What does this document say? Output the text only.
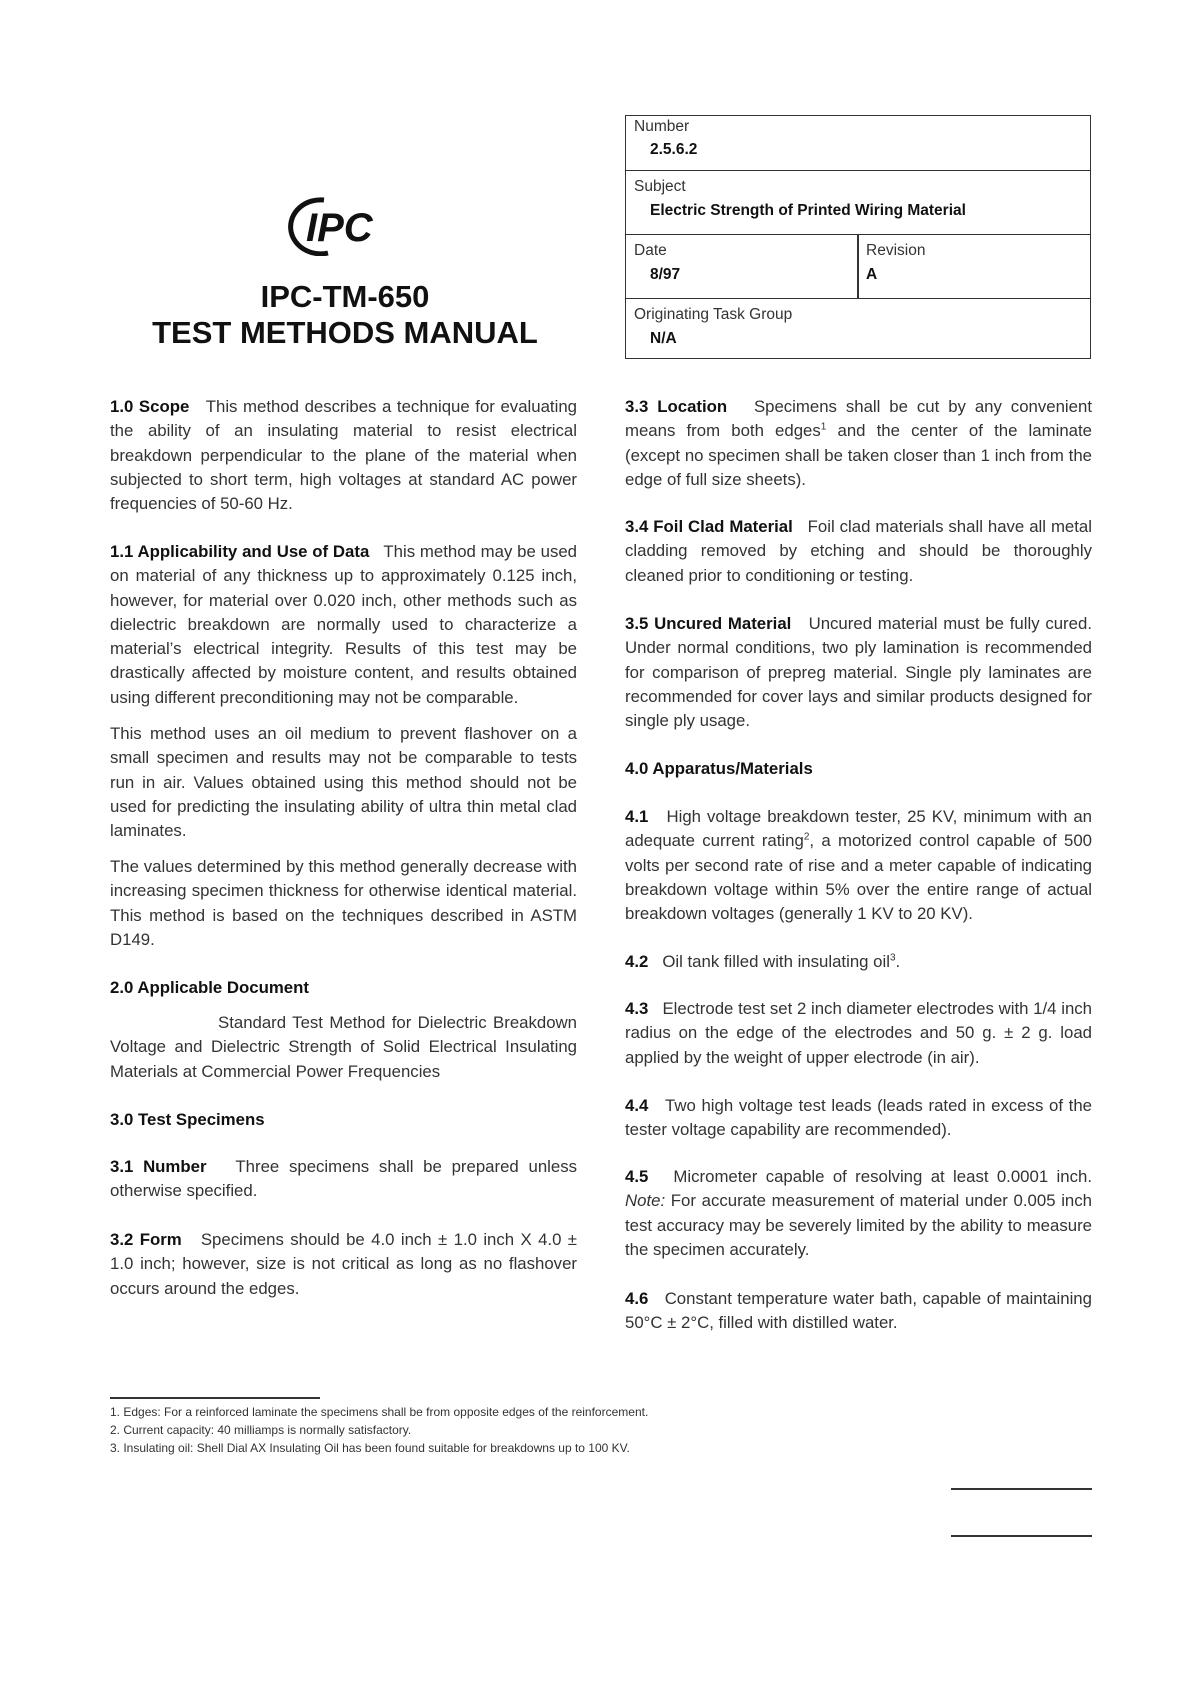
IPC
IPC-TM-650
TEST METHODS MANUAL
Number
2.5.6.2
Subject
Electric Strength of Printed Wiring Material
Date
8/97
Revision
A
Originating Task Group
N/A

1.0 Scope This method describes a technique for evaluating the ability of an insulating material to resist electrical breakdown perpendicular to the plane of the material when subjected to short term, high voltages at standard AC power frequencies of 50-60 Hz.

1.1 Applicability and Use of Data This method may be used on material of any thickness up to approximately 0.125 inch, however, for material over 0.020 inch, other methods such as dielectric breakdown are normally used to characterize a material’s electrical integrity. Results of this test may be drastically affected by moisture content, and results obtained using different preconditioning may not be comparable.

This method uses an oil medium to prevent flashover on a small specimen and results may not be comparable to tests run in air. Values obtained using this method should not be used for predicting the insulating ability of ultra thin metal clad laminates.

The values determined by this method generally decrease with increasing specimen thickness for otherwise identical material. This method is based on the techniques described in ASTM D149.

2.0 Applicable Document

Standard Test Method for Dielectric Breakdown Voltage and Dielectric Strength of Solid Electrical Insulating Materials at Commercial Power Frequencies

3.0 Test Specimens

3.1 Number Three specimens shall be prepared unless otherwise specified.

3.2 Form Specimens should be 4.0 inch ± 1.0 inch X 4.0 ± 1.0 inch; however, size is not critical as long as no flashover occurs around the edges.

3.3 Location Specimens shall be cut by any convenient means from both edges$^1$ and the center of the laminate (except no specimen shall be taken closer than 1 inch from the edge of full size sheets).

3.4 Foil Clad Material Foil clad materials shall have all metal cladding removed by etching and should be thoroughly cleaned prior to conditioning or testing.

3.5 Uncured Material Uncured material must be fully cured. Under normal conditions, two ply lamination is recommended for comparison of prepreg material. Single ply laminates are recommended for cover lays and similar products designed for single ply usage.

4.0 Apparatus/Materials

4.1 High voltage breakdown tester, 25 KV, minimum with an adequate current rating$^2$, a motorized control capable of 500 volts per second rate of rise and a meter capable of indicating breakdown voltage within 5% over the entire range of actual breakdown voltages (generally 1 KV to 20 KV).

4.2 Oil tank filled with insulating oil$^3$.

4.3 Electrode test set 2 inch diameter electrodes with 1/4 inch radius on the edge of the electrodes and 50 g. ± 2 g. load applied by the weight of upper electrode (in air).

4.4 Two high voltage test leads (leads rated in excess of the tester voltage capability are recommended).

4.5 Micrometer capable of resolving at least 0.0001 inch. Note: For accurate measurement of material under 0.005 inch test accuracy may be severely limited by the ability to measure the specimen accurately.

4.6 Constant temperature water bath, capable of maintaining 50°C ± 2°C, filled with distilled water.

1. Edges: For a reinforced laminate the specimens shall be from opposite edges of the reinforcement.
2. Current capacity: 40 milliamps is normally satisfactory.
3. Insulating oil: Shell Dial AX Insulating Oil has been found suitable for breakdowns up to 100 KV.
